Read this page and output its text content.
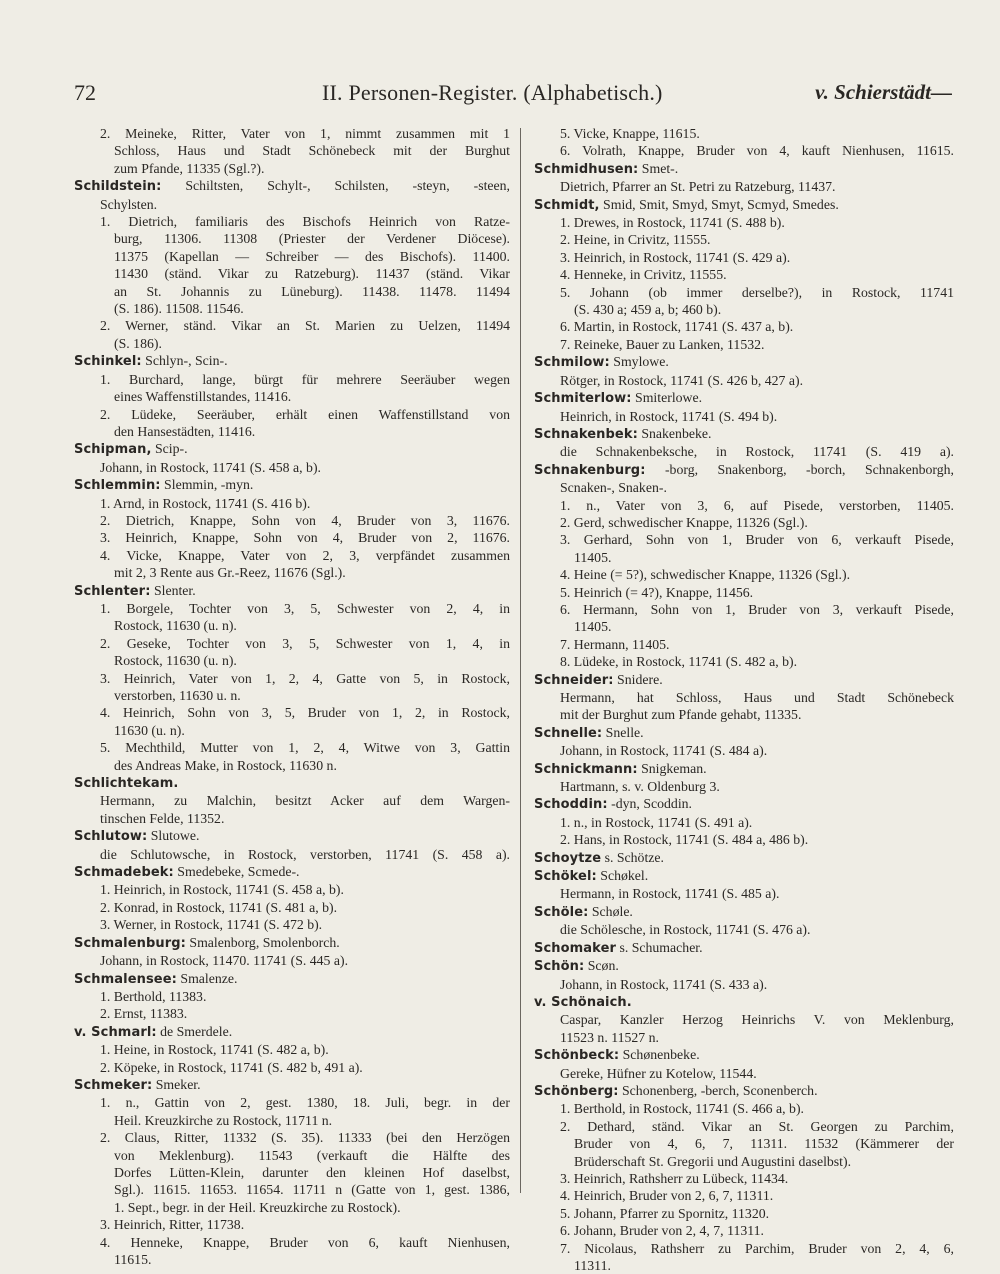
72	II. Personen-Register. (Alphabetisch.)	v. Schierstädt—
2. Meineke, Ritter, Vater von 1, nimmt zusammen mit 1
Schloss, Haus und Stadt Schönebeck mit der Burghut
zum Pfande, 11335 (Sgl.?).
Schildstein: Schiltsten, Schylt-, Schilsten, -steyn, -steen,
Schylsten.
1. Dietrich, familiaris des Bischofs Heinrich von Ratze-
burg, 11306. 11308 (Priester der Verdener Diöcese).
11375 (Kapellan — Schreiber — des Bischofs). 11400.
11430 (ständ. Vikar zu Ratzeburg). 11437 (ständ. Vikar
an St. Johannis zu Lüneburg). 11438. 11478. 11494
(S. 186). 11508. 11546.
2. Werner, ständ. Vikar an St. Marien zu Uelzen, 11494
(S. 186).
Schinkel: Schlyn-, Scin-.
1. Burchard, lange, bürgt für mehrere Seeräuber wegen
eines Waffenstillstandes, 11416.
2. Lüdeke, Seeräuber, erhält einen Waffenstillstand von
den Hansestädten, 11416.
Schipman, Scip-.
Johann, in Rostock, 11741 (S. 458 a, b).
Schlemmin: Slemmin, -myn.
1. Arnd, in Rostock, 11741 (S. 416 b).
2. Dietrich, Knappe, Sohn von 4, Bruder von 3, 11676.
3. Heinrich, Knappe, Sohn von 4, Bruder von 2, 11676.
4. Vicke, Knappe, Vater von 2, 3, verpfändet zusammen
mit 2, 3 Rente aus Gr.-Reez, 11676 (Sgl.).
Schlenter: Slenter.
1. Borgele, Tochter von 3, 5, Schwester von 2, 4, in
Rostock, 11630 (u. n).
2. Geseke, Tochter von 3, 5, Schwester von 1, 4, in
Rostock, 11630 (u. n).
3. Heinrich, Vater von 1, 2, 4, Gatte von 5, in Rostock,
verstorben, 11630 u. n.
4. Heinrich, Sohn von 3, 5, Bruder von 1, 2, in Rostock,
11630 (u. n).
5. Mechthild, Mutter von 1, 2, 4, Witwe von 3, Gattin
des Andreas Make, in Rostock, 11630 n.
Schlichtekam.
Hermann, zu Malchin, besitzt Acker auf dem Wargen-
tinschen Felde, 11352.
Schlutow: Slutowe.
die Schlutowsche, in Rostock, verstorben, 11741 (S. 458 a).
Schmadebek: Smedebeke, Scmede-.
1. Heinrich, in Rostock, 11741 (S. 458 a, b).
2. Konrad, in Rostock, 11741 (S. 481 a, b).
3. Werner, in Rostock, 11741 (S. 472 b).
Schmalenburg: Smalenborg, Smolenborch.
Johann, in Rostock, 11470. 11741 (S. 445 a).
Schmalensee: Smalenze.
1. Berthold, 11383.
2. Ernst, 11383.
v. Schmarl: de Smerdele.
1. Heine, in Rostock, 11741 (S. 482 a, b).
2. Köpeke, in Rostock, 11741 (S. 482 b, 491 a).
Schmeker: Smeker.
1. n., Gattin von 2, gest. 1380, 18. Juli, begr. in der
Heil. Kreuzkirche zu Rostock, 11711 n.
2. Claus, Ritter, 11332 (S. 35). 11333 (bei den Herzögen
von Meklenburg). 11543 (verkauft die Hälfte des
Dorfes Lütten-Klein, darunter den kleinen Hof daselbst,
Sgl.). 11615. 11653. 11654. 11711 n (Gatte von 1, gest. 1386,
1. Sept., begr. in der Heil. Kreuzkirche zu Rostock).
3. Heinrich, Ritter, 11738.
4. Henneke, Knappe, Bruder von 6, kauft Nienhusen,
11615.
5. Vicke, Knappe, 11615.
6. Volrath, Knappe, Bruder von 4, kauft Nienhusen, 11615.
Schmidhusen: Smet-.
Dietrich, Pfarrer an St. Petri zu Ratzeburg, 11437.
Schmidt, Smid, Smit, Smyd, Smyt, Scmyd, Smedes.
1. Drewes, in Rostock, 11741 (S. 488 b).
2. Heine, in Crivitz, 11555.
3. Heinrich, in Rostock, 11741 (S. 429 a).
4. Henneke, in Crivitz, 11555.
5. Johann (ob immer derselbe?), in Rostock, 11741
(S. 430 a; 459 a, b; 460 b).
6. Martin, in Rostock, 11741 (S. 437 a, b).
7. Reineke, Bauer zu Lanken, 11532.
Schmilow: Smylowe.
Rötger, in Rostock, 11741 (S. 426 b, 427 a).
Schmiterlow: Smiterlowe.
Heinrich, in Rostock, 11741 (S. 494 b).
Schnakenbek: Snakenbeke.
die Schnakenbeksche, in Rostock, 11741 (S. 419 a).
Schnakenburg: -borg, Snakenborg, -borch, Schnakenborgh,
Scnaken-, Snaken-.
1. n., Vater von 3, 6, auf Pisede, verstorben, 11405.
2. Gerd, schwedischer Knappe, 11326 (Sgl.).
3. Gerhard, Sohn von 1, Bruder von 6, verkauft Pisede,
11405.
4. Heine (= 5?), schwedischer Knappe, 11326 (Sgl.).
5. Heinrich (= 4?), Knappe, 11456.
6. Hermann, Sohn von 1, Bruder von 3, verkauft Pisede,
11405.
7. Hermann, 11405.
8. Lüdeke, in Rostock, 11741 (S. 482 a, b).
Schneider: Snidere.
Hermann, hat Schloss, Haus und Stadt Schönebeck
mit der Burghut zum Pfande gehabt, 11335.
Schnelle: Snelle.
Johann, in Rostock, 11741 (S. 484 a).
Schnickmann: Snigkeman.
Hartmann, s. v. Oldenburg 3.
Schoddin: -dyn, Scoddin.
1. n., in Rostock, 11741 (S. 491 a).
2. Hans, in Rostock, 11741 (S. 484 a, 486 b).
Schoytze s. Schötze.
Schökel: Schøkel.
Hermann, in Rostock, 11741 (S. 485 a).
Schöle: Schøle.
die Schölesche, in Rostock, 11741 (S. 476 a).
Schomaker s. Schumacher.
Schön: Scøn.
Johann, in Rostock, 11741 (S. 433 a).
v. Schönaich.
Caspar, Kanzler Herzog Heinrichs V. von Meklenburg,
11523 n. 11527 n.
Schönbeck: Schønenbeke.
Gereke, Hüfner zu Kotelow, 11544.
Schönberg: Schonenberg, -berch, Sconenberch.
1. Berthold, in Rostock, 11741 (S. 466 a, b).
2. Dethard, ständ. Vikar an St. Georgen zu Parchim,
Bruder von 4, 6, 7, 11311. 11532 (Kämmerer der
Brüderschaft St. Gregorii und Augustini daselbst).
3. Heinrich, Rathsherr zu Lübeck, 11434.
4. Heinrich, Bruder von 2, 6, 7, 11311.
5. Johann, Pfarrer zu Spornitz, 11320.
6. Johann, Bruder von 2, 4, 7, 11311.
7. Nicolaus, Rathsherr zu Parchim, Bruder von 2, 4, 6,
11311.
